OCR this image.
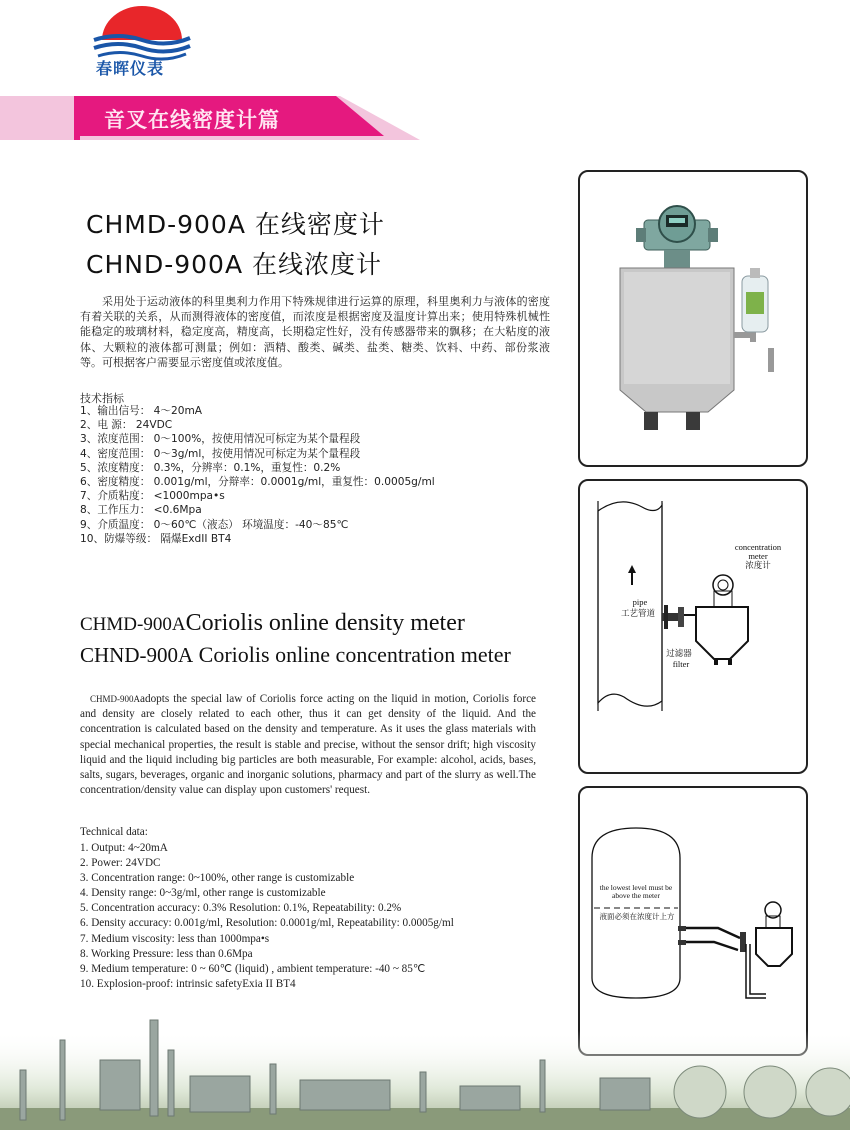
春晖仪表
音叉在线密度计篇
CHMD-900A 在线密度计
CHND-900A 在线浓度计
采用处于运动液体的科里奥利力作用下特殊规律进行运算的原理，科里奥利力与液体的密度有着关联的关系，从而测得液体的密度值，而浓度是根据密度及温度计算出来；使用特殊机械性能稳定的玻璃材料，稳定度高，精度高，长期稳定性好，没有传感器带来的飘移；在大粘度的液体、大颗粒的液体都可测量；例如：酒精、酸类、碱类、盐类、糖类、饮料、中药、部份浆液等。可根据客户需要显示密度值或浓度值。
技术指标
1、输出信号： 4～20mA
2、电 源： 24VDC
3、浓度范围： 0～100%，按使用情况可标定为某个量程段
4、密度范围： 0～3g/ml，按使用情况可标定为某个量程段
5、浓度精度： 0.3%，分辨率：0.1%，重复性：0.2%
6、密度精度： 0.001g/ml，分辩率：0.0001g/ml，重复性：0.0005g/ml
7、介质粘度： <1000mpa•s
8、工作压力： <0.6Mpa
9、介质温度： 0～60℃（液态） 环境温度：-40～85℃
10、防爆等级： 隔爆ExdII BT4
CHMD-900ACoriolis online density meter
CHND-900A Coriolis online concentration meter
CHMD-900Aadopts the special law of Coriolis force acting on the liquid in motion, Coriolis force and density are closely related to each other, thus it can get density of the liquid. And the concentration is calculated based on the density and temperature. As it uses the glass materials with special mechanical properties, the result is stable and precise, without the sensor drift; high viscosity liquid and the liquid including big particles are both measurable, For example: alcohol, acids, bases, salts, sugars, beverages, organic and inorganic solutions, pharmacy and part of the slurry as well.The concentration/density value can display upon customers' request.
Technical data:
1. Output: 4~20mA
2. Power: 24VDC
3. Concentration range: 0~100%, other range is customizable
4. Density range: 0~3g/ml, other range is customizable
5. Concentration accuracy: 0.3% Resolution: 0.1%, Repeatability: 0.2%
6. Density accuracy: 0.001g/ml, Resolution: 0.0001g/ml, Repeatability: 0.0005g/ml
7. Medium viscosity: less than 1000mpa•s
8. Working Pressure: less than 0.6Mpa
9. Medium temperature: 0 ~ 60℃ (liquid) , ambient temperature: -40 ~ 85℃
10. Explosion-proof: intrinsic safetyExia II BT4
concentration meter
浓度计
pipe
工艺管道
过滤器
filter
the lowest level must be above the meter
液面必须在浓度计上方
